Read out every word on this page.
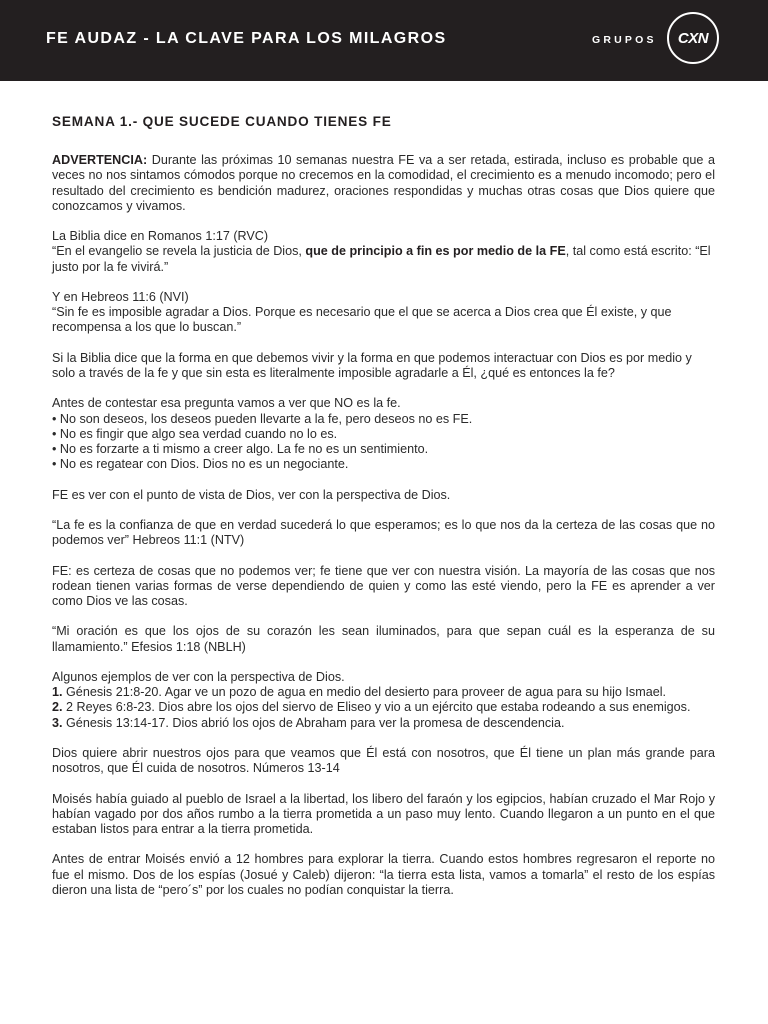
FE AUDAZ - LA CLAVE PARA LOS MILAGROS	GRUPOS	CXN
SEMANA 1.- QUE SUCEDE CUANDO TIENES FE

ADVERTENCIA: Durante las próximas 10 semanas nuestra FE va a ser retada, estirada, incluso es probable que a veces no nos sintamos cómodos porque no crecemos en la comodidad, el crecimiento es a menudo incomodo; pero el resultado del crecimiento es bendición madurez, oraciones respondidas y muchas otras cosas que Dios quiere que conozcamos y vivamos.

La Biblia dice en Romanos 1:17 (RVC)
“En el evangelio se revela la justicia de Dios, que de principio a fin es por medio de la FE, tal como está escrito: “El justo por la fe vivirá.”

Y en Hebreos 11:6 (NVI)
“Sin fe es imposible agradar a Dios. Porque es necesario que el que se acerca a Dios crea que Él existe, y que recompensa a los que lo buscan.”

Si la Biblia dice que la forma en que debemos vivir y la forma en que podemos interactuar con Dios es por medio y solo a través de la fe y que sin esta es literalmente imposible agradarle a Él, ¿qué es entonces la fe?

Antes de contestar esa pregunta vamos a ver que NO es la fe.
• No son deseos, los deseos pueden llevarte a la fe, pero deseos no es FE.
• No es fingir que algo sea verdad cuando no lo es.
• No es forzarte a ti mismo a creer algo. La fe no es un sentimiento.
• No es regatear con Dios. Dios no es un negociante.

FE es ver con el punto de vista de Dios, ver con la perspectiva de Dios.

“La fe es la confianza de que en verdad sucederá lo que esperamos; es lo que nos da la certeza de las cosas que no podemos ver” Hebreos 11:1 (NTV)

FE: es certeza de cosas que no podemos ver; fe tiene que ver con nuestra visión. La mayoría de las cosas que nos rodean tienen varias formas de verse dependiendo de quien y como las esté viendo, pero la FE es aprender a ver como Dios ve las cosas.

“Mi oración es que los ojos de su corazón les sean iluminados, para que sepan cuál es la esperanza de su llamamiento.” Efesios 1:18 (NBLH)

Algunos ejemplos de ver con la perspectiva de Dios.
1. Génesis 21:8-20. Agar ve un pozo de agua en medio del desierto para proveer de agua para su hijo Ismael.
2. 2 Reyes 6:8-23. Dios abre los ojos del siervo de Eliseo y vio a un ejército que estaba rodeando a sus enemigos.
3. Génesis 13:14-17. Dios abrió los ojos de Abraham para ver la promesa de descendencia.

Dios quiere abrir nuestros ojos para que veamos que Él está con nosotros, que Él tiene un plan más grande para nosotros, que Él cuida de nosotros. Números 13-14

Moisés había guiado al pueblo de Israel a la libertad, los libero del faraón y los egipcios, habían cruzado el Mar Rojo y habían vagado por dos años rumbo a la tierra prometida a un paso muy lento. Cuando llegaron a un punto en el que estaban listos para entrar a la tierra prometida.

Antes de entrar Moisés envió a 12 hombres para explorar la tierra. Cuando estos hombres regresaron el reporte no fue el mismo. Dos de los espías (Josué y Caleb) dijeron: “la tierra esta lista, vamos a tomarla” el resto de los espías dieron una lista de “pero´s” por los cuales no podían conquistar la tierra.
